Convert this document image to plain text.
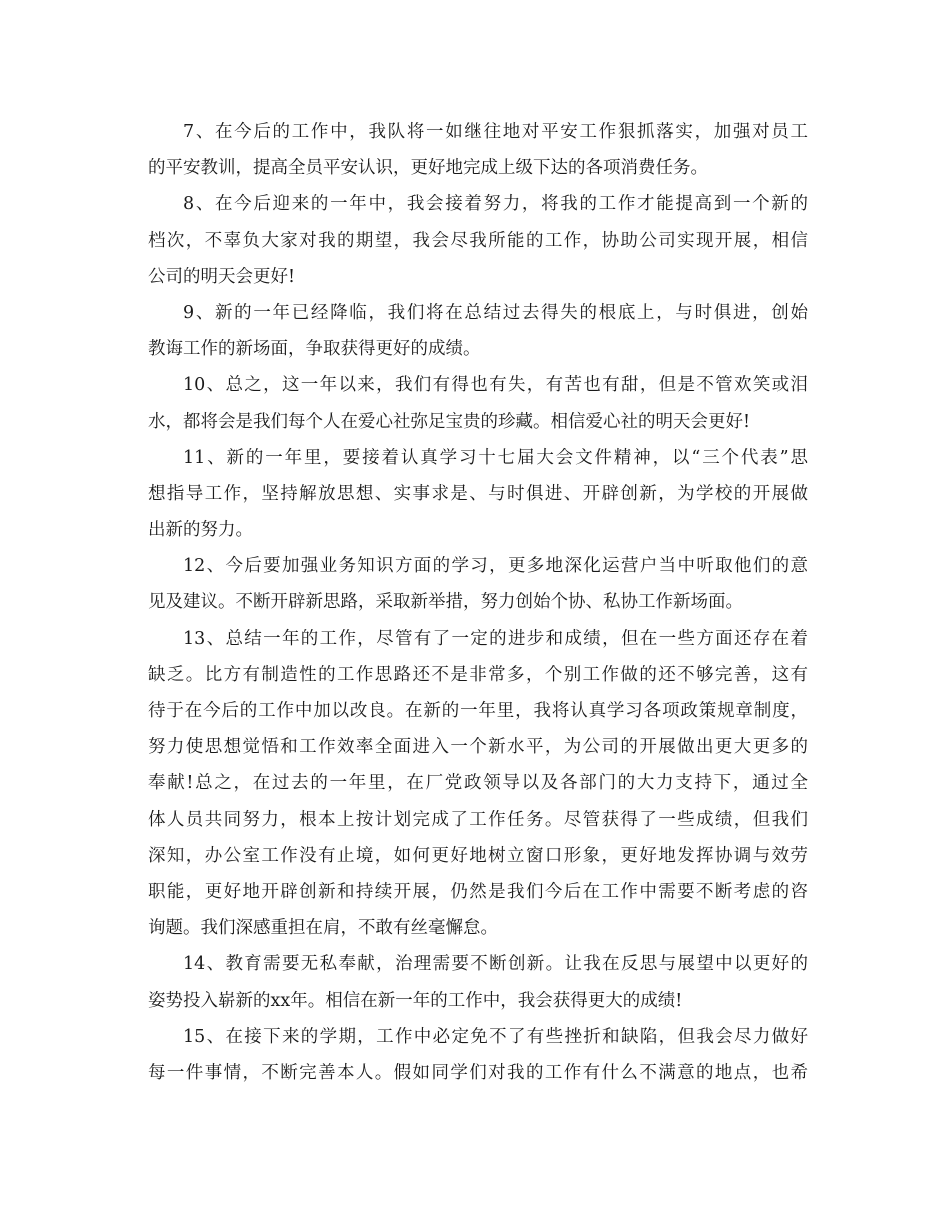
7、在今后的工作中，我队将一如继往地对平安工作狠抓落实，加强对员工
的平安教训，提高全员平安认识，更好地完成上级下达的各项消费任务。
8、在今后迎来的一年中，我会接着努力，将我的工作才能提高到一个新的
档次，不辜负大家对我的期望，我会尽我所能的工作，协助公司实现开展，相信
公司的明天会更好!
9、新的一年已经降临，我们将在总结过去得失的根底上，与时俱进，创始
教诲工作的新场面，争取获得更好的成绩。
10、总之，这一年以来，我们有得也有失，有苦也有甜，但是不管欢笑或泪
水，都将会是我们每个人在爱心社弥足宝贵的珍藏。相信爱心社的明天会更好!
11、新的一年里，要接着认真学习十七届大会文件精神，以“三个代表”思
想指导工作，坚持解放思想、实事求是、与时俱进、开辟创新，为学校的开展做
出新的努力。
12、今后要加强业务知识方面的学习，更多地深化运营户当中听取他们的意
见及建议。不断开辟新思路，采取新举措，努力创始个协、私协工作新场面。
13、总结一年的工作，尽管有了一定的进步和成绩，但在一些方面还存在着
缺乏。比方有制造性的工作思路还不是非常多，个别工作做的还不够完善，这有
待于在今后的工作中加以改良。在新的一年里，我将认真学习各项政策规章制度，
努力使思想觉悟和工作效率全面进入一个新水平，为公司的开展做出更大更多的
奉献!总之，在过去的一年里，在厂党政领导以及各部门的大力支持下，通过全
体人员共同努力，根本上按计划完成了工作任务。尽管获得了一些成绩，但我们
深知，办公室工作没有止境，如何更好地树立窗口形象，更好地发挥协调与效劳
职能，更好地开辟创新和持续开展，仍然是我们今后在工作中需要不断考虑的咨
询题。我们深感重担在肩，不敢有丝毫懈怠。
14、教育需要无私奉献，治理需要不断创新。让我在反思与展望中以更好的
姿势投入崭新的xx年。相信在新一年的工作中，我会获得更大的成绩!
15、在接下来的学期，工作中必定免不了有些挫折和缺陷，但我会尽力做好
每一件事情，不断完善本人。假如同学们对我的工作有什么不满意的地点，也希
